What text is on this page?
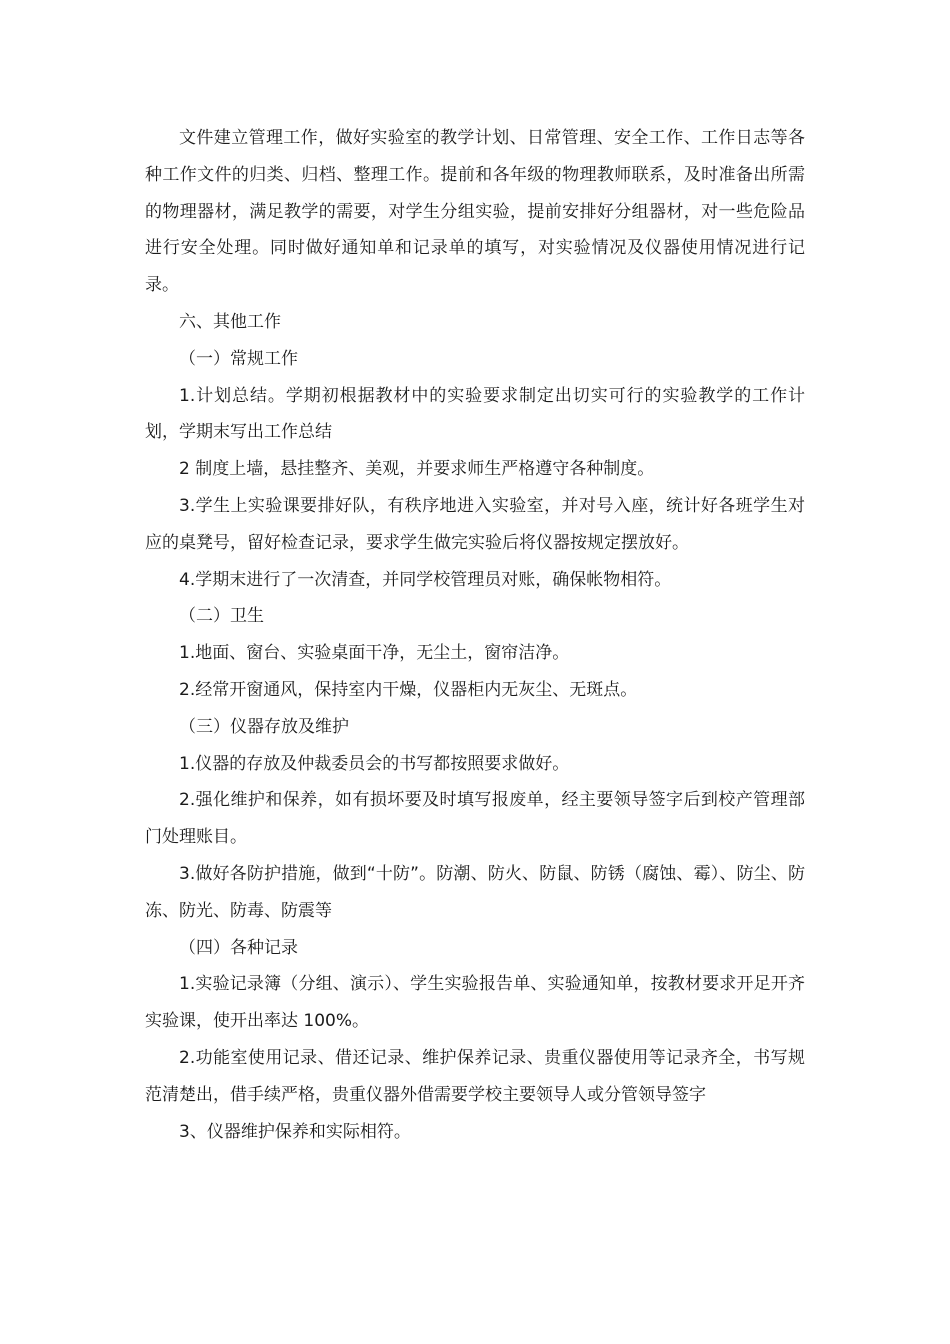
文件建立管理工作，做好实验室的教学计划、日常管理、安全工作、工作日志等各种工作文件的归类、归档、整理工作。提前和各年级的物理教师联系，及时准备出所需的物理器材，满足教学的需要，对学生分组实验，提前安排好分组器材，对一些危险品进行安全处理。同时做好通知单和记录单的填写，对实验情况及仪器使用情况进行记录。

六、其他工作

（一）常规工作

1.计划总结。学期初根据教材中的实验要求制定出切实可行的实验教学的工作计划，学期末写出工作总结

2 制度上墙，悬挂整齐、美观，并要求师生严格遵守各种制度。

3.学生上实验课要排好队，有秩序地进入实验室，并对号入座，统计好各班学生对应的桌凳号，留好检查记录，要求学生做完实验后将仪器按规定摆放好。

4.学期末进行了一次清查，并同学校管理员对账，确保帐物相符。

（二）卫生

1.地面、窗台、实验桌面干净，无尘土，窗帘洁净。

2.经常开窗通风，保持室内干燥，仪器柜内无灰尘、无斑点。

（三）仪器存放及维护

1.仪器的存放及仲裁委员会的书写都按照要求做好。

2.强化维护和保养，如有损坏要及时填写报废单，经主要领导签字后到校产管理部门处理账目。

3.做好各防护措施，做到“十防”。防潮、防火、防鼠、防锈（腐蚀、霉）、防尘、防冻、防光、防毒、防震等

（四）各种记录

1.实验记录簿（分组、演示）、学生实验报告单、实验通知单，按教材要求开足开齐实验课，使开出率达 100%。

2.功能室使用记录、借还记录、维护保养记录、贵重仪器使用等记录齐全，书写规范清楚出，借手续严格，贵重仪器外借需要学校主要领导人或分管领导签字

3、仪器维护保养和实际相符。
